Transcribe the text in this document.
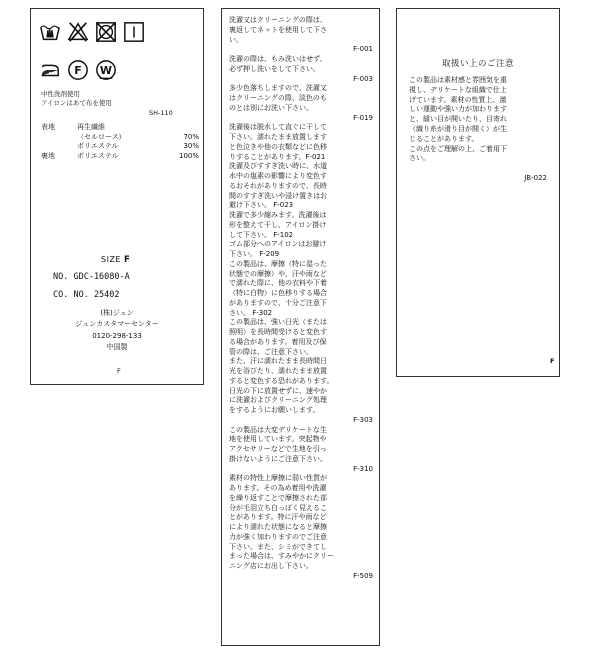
F W
中性洗剤使用
アイロンはあて布を使用
SH-110
表地	再生繊維
（セルロース）	70%
ポリエステル	30%
裏地	ポリエステル	100%
SIZE F
NO. GDC-16080-A
CO. NO. 25402
(株)ジュン
ジュンカスタマーセンター
0120-298-133
中国製
F

洗濯又はクリーニングの際は、

裏返してネットを使用して下さ

い。

F-001

洗濯の際は、もみ洗いはせず、

必ず押し洗いをして下さい。

F-003

多少色落ちしますので、洗濯又

はクリーニングの際、淡色のも

のとは別にお洗い下さい。

F-019

洗濯後は脱水して直ぐに干して

下さい。濡れたまま放置します

と色泣きや他の衣類などに色移

りすることがあります。F-021

洗濯及びすすぎ洗い時に、水道

水中の塩素の影響により変色す

るおそれがありますので、長時

間のすすぎ洗いや浸け置きはお

避け下さい。 F-023

洗濯で多少縮みます。洗濯後は

形を整えて干し、アイロン掛け

して下さい。 F-102

ゴム部分へのアイロンはお避け

下さい。 F-209

この製品は、摩擦（特に湿った

状態での摩擦）や、汗や雨など

で濡れた際に、他の衣料や下着

（特に白物）に色移りする場合

がありますので、十分ご注意下

さい。 F-302

この製品は、強い日光（または

照明）を長時間受けると変色す

る場合があります。着用及び保

管の際は、ご注意下さい。

また、汗に濡れたまま長時間日

光を浴びたり、濡れたまま放置

すると変色する恐れがあります。

日光の下に放置せずに、速やか

に洗濯およびクリーニング処理

をするようにお願いします。

F-303

この製品は大変デリケートな生

地を使用しています。突起物や

アクセサリーなどで生地を引っ

掛けないようにご注意下さい。

F-310

素材の特性上摩擦に弱い性質が

あります。その為め着用や洗濯

を繰り返すことで摩擦された部

分が毛羽立ち白っぽく見えるこ

とがあります。特に汗や雨など

により濡れた状態になると摩擦

力が強く加わりますのでご注意

下さい。また、シミができてし

まった場合は、すみやかにクリー

ニング店にお出し下さい。

F-509

取扱い上のご注意
この製品は素材感と雰囲気を重
視し、デリケートな組織で仕上
げています。素材の性質上、激
しい運動や強い力が加わります
と、縫い目が開いたり、目寄れ
（織り糸が滑り目が開く）が生
じることがあります。
この点をご理解の上、ご着用下
さい。
JB-022
F
